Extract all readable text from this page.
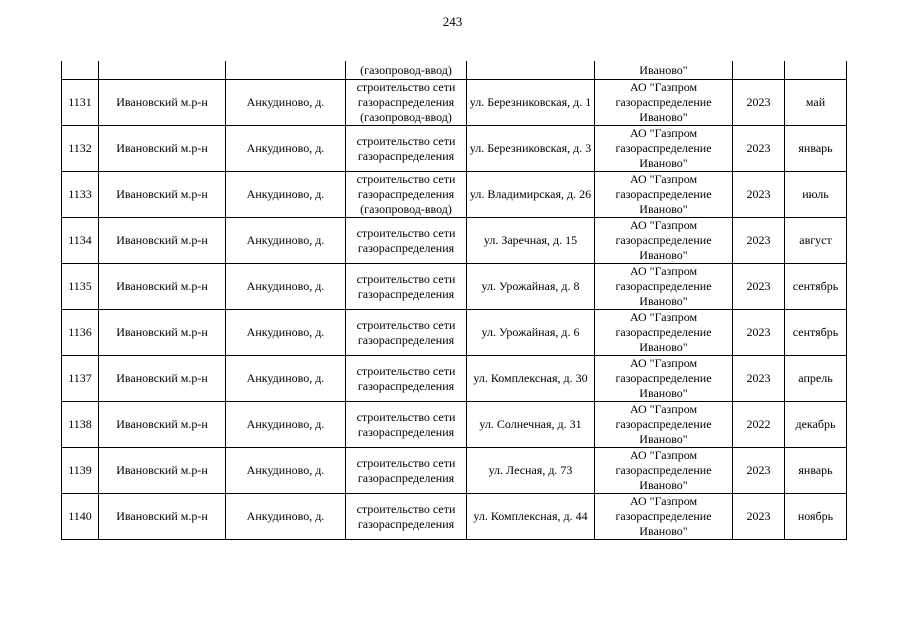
243
			(газопровод-ввод)		Иваново"		
1131	Ивановский м.р-н	Анкудиново, д.	строительство сети газораспределения (газопровод-ввод)	ул. Березниковская, д. 1	АО "Газпром газораспределение Иваново"	2023	май
1132	Ивановский м.р-н	Анкудиново, д.	строительство сети газораспределения	ул. Березниковская, д. 3	АО "Газпром газораспределение Иваново"	2023	январь
1133	Ивановский м.р-н	Анкудиново, д.	строительство сети газораспределения (газопровод-ввод)	ул. Владимирская, д. 26	АО "Газпром газораспределение Иваново"	2023	июль
1134	Ивановский м.р-н	Анкудиново, д.	строительство сети газораспределения	ул. Заречная, д. 15	АО "Газпром газораспределение Иваново"	2023	август
1135	Ивановский м.р-н	Анкудиново, д.	строительство сети газораспределения	ул. Урожайная, д. 8	АО "Газпром газораспределение Иваново"	2023	сентябрь
1136	Ивановский м.р-н	Анкудиново, д.	строительство сети газораспределения	ул. Урожайная, д. 6	АО "Газпром газораспределение Иваново"	2023	сентябрь
1137	Ивановский м.р-н	Анкудиново, д.	строительство сети газораспределения	ул. Комплексная, д. 30	АО "Газпром газораспределение Иваново"	2023	апрель
1138	Ивановский м.р-н	Анкудиново, д.	строительство сети газораспределения	ул. Солнечная, д. 31	АО "Газпром газораспределение Иваново"	2022	декабрь
1139	Ивановский м.р-н	Анкудиново, д.	строительство сети газораспределения	ул. Лесная, д. 73	АО "Газпром газораспределение Иваново"	2023	январь
1140	Ивановский м.р-н	Анкудиново, д.	строительство сети газораспределения	ул. Комплексная, д. 44	АО "Газпром газораспределение Иваново"	2023	ноябрь
